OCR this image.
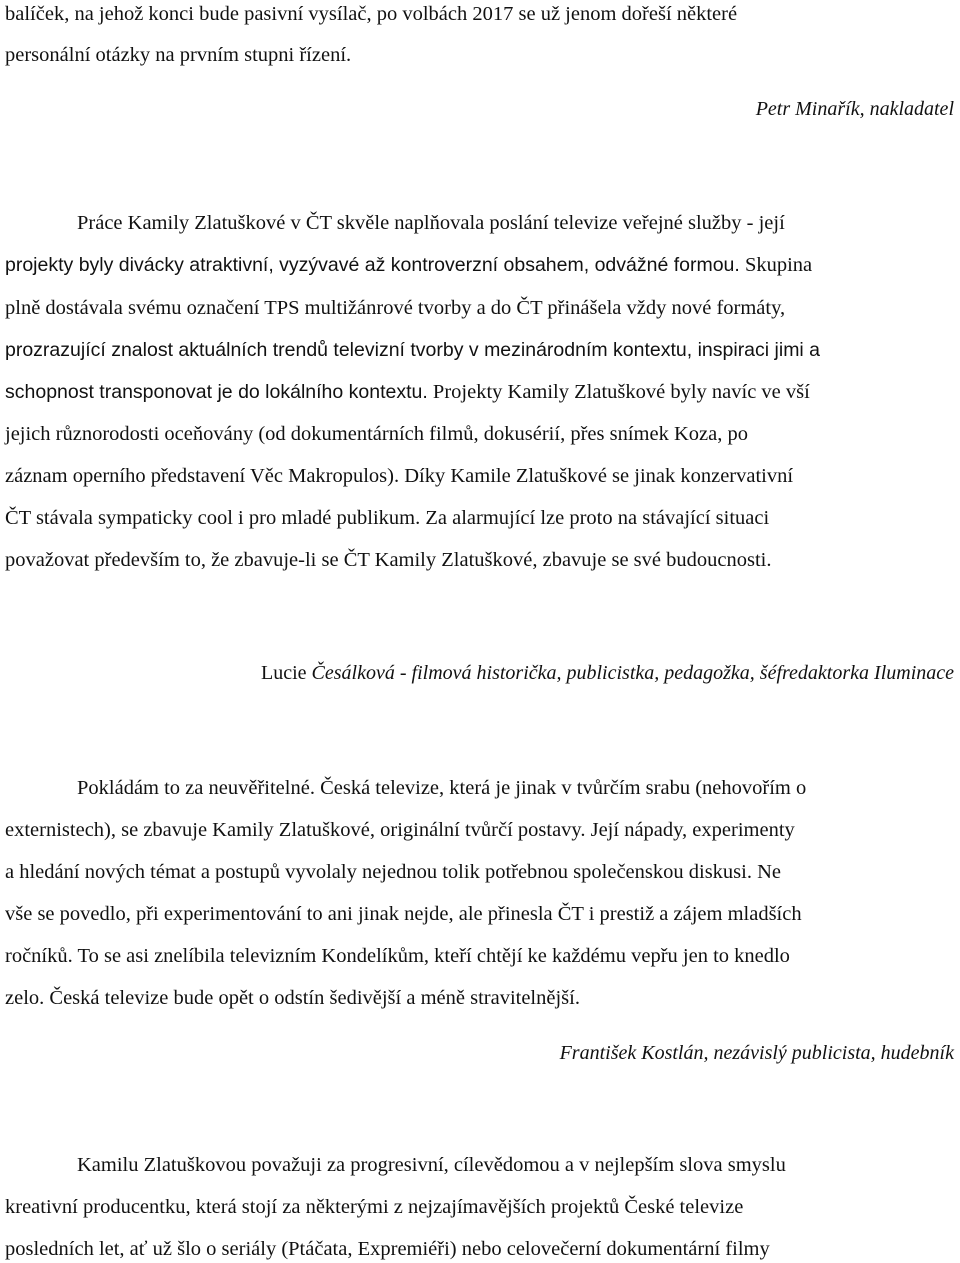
balíček, na jehož konci bude pasivní vysílač, po volbách 2017 se už jenom dořeší některé
personální otázky na prvním stupni řízení.
Petr Minařík, nakladatel
Práce Kamily Zlatuškové v ČT skvěle naplňovala poslání televize veřejné služby - její
projekty byly divácky atraktivní, vyzývavé až kontroverzní obsahem, odvážné formou. Skupina
plně dostávala svému označení TPS multižánrové tvorby a do ČT přinášela vždy nové formáty,
prozrazující znalost aktuálních trendů televizní tvorby v mezinárodním kontextu, inspiraci jimi a
schopnost transponovat je do lokálního kontextu. Projekty Kamily Zlatuškové byly navíc ve vší
jejich různorodosti oceňovány (od dokumentárních filmů, dokusérií, přes snímek Koza, po
záznam operního představení Věc Makropulos). Díky Kamile Zlatuškové se jinak konzervativní
ČT stávala sympaticky cool i pro mladé publikum. Za alarmující lze proto na stávající situaci
považovat především to, že zbavuje-li se ČT Kamily Zlatuškové, zbavuje se své budoucnosti.
Lucie Česálková - filmová historička, publicistka, pedagožka, šéfredaktorka Iluminace
Pokládám to za neuvěřitelné. Česká televize, která je jinak v tvůrčím srabu (nehovořím o
externistech), se zbavuje Kamily Zlatuškové, originální tvůrčí postavy. Její nápady, experimenty
a hledání nových témat a postupů vyvolaly nejednou tolik potřebnou společenskou diskusi. Ne
vše se povedlo, při experimentování to ani jinak nejde, ale přinesla ČT i prestiž a zájem mladších
ročníků. To se asi znelíbila televizním Kondelíkům, kteří chtějí ke každému vepřu jen to knedlo
zelo. Česká televize bude opět o odstín šedivější a méně stravitelnější.
František Kostlán, nezávislý publicista, hudebník
Kamilu Zlatuškovou považuji za progresivní, cílevědomou a v nejlepším slova smyslu
kreativní producentku, která stojí za některými z nejzajímavějších projektů České televize
posledních let, ať už šlo o seriály (Ptáčata, Expremiéři) nebo celovečerní dokumentární filmy
